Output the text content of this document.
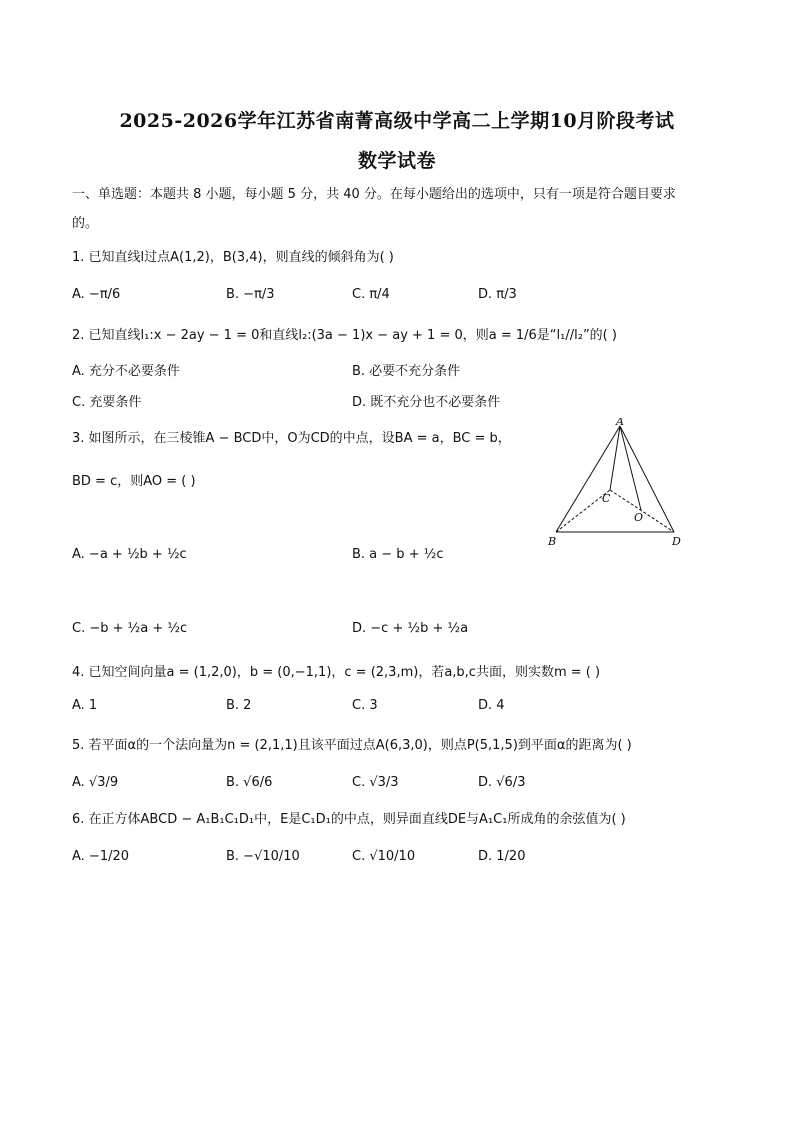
2025-2026学年江苏省南菁高级中学高二上学期10月阶段考试
数学试卷
一、单选题：本题共 8 小题，每小题 5 分，共 40 分。在每小题给出的选项中，只有一项是符合题目要求
的。
1. 已知直线l过点A(1,2)，B(3,4)，则直线的倾斜角为( )
A. −π/6	B. −π/3	C. π/4	D. π/3
2. 已知直线l₁:x − 2ay − 1 = 0和直线l₂:(3a − 1)x − ay + 1 = 0，则a = 1/6是“l₁//l₂”的( )
A. 充分不必要条件	B. 必要不充分条件
C. 充要条件	D. 既不充分也不必要条件
3. 如图所示，在三棱锥A − BCD中，O为CD的中点，设BA = a，BC = b，
BD = c，则AO = ( )
A
B
C
D
O
A. −a + ½b + ½c	B. a − b + ½c
C. −b + ½a + ½c	D. −c + ½b + ½a
4. 已知空间向量a = (1,2,0)，b = (0,−1,1)，c = (2,3,m)，若a,b,c共面，则实数m = ( )
A. 1	B. 2	C. 3	D. 4
5. 若平面α的一个法向量为n = (2,1,1)且该平面过点A(6,3,0)，则点P(5,1,5)到平面α的距离为( )
A. √3/9	B. √6/6	C. √3/3	D. √6/3
6. 在正方体ABCD − A₁B₁C₁D₁中，E是C₁D₁的中点，则异面直线DE与A₁C₁所成角的余弦值为( )
A. −1/20	B. −√10/10	C. √10/10	D. 1/20
